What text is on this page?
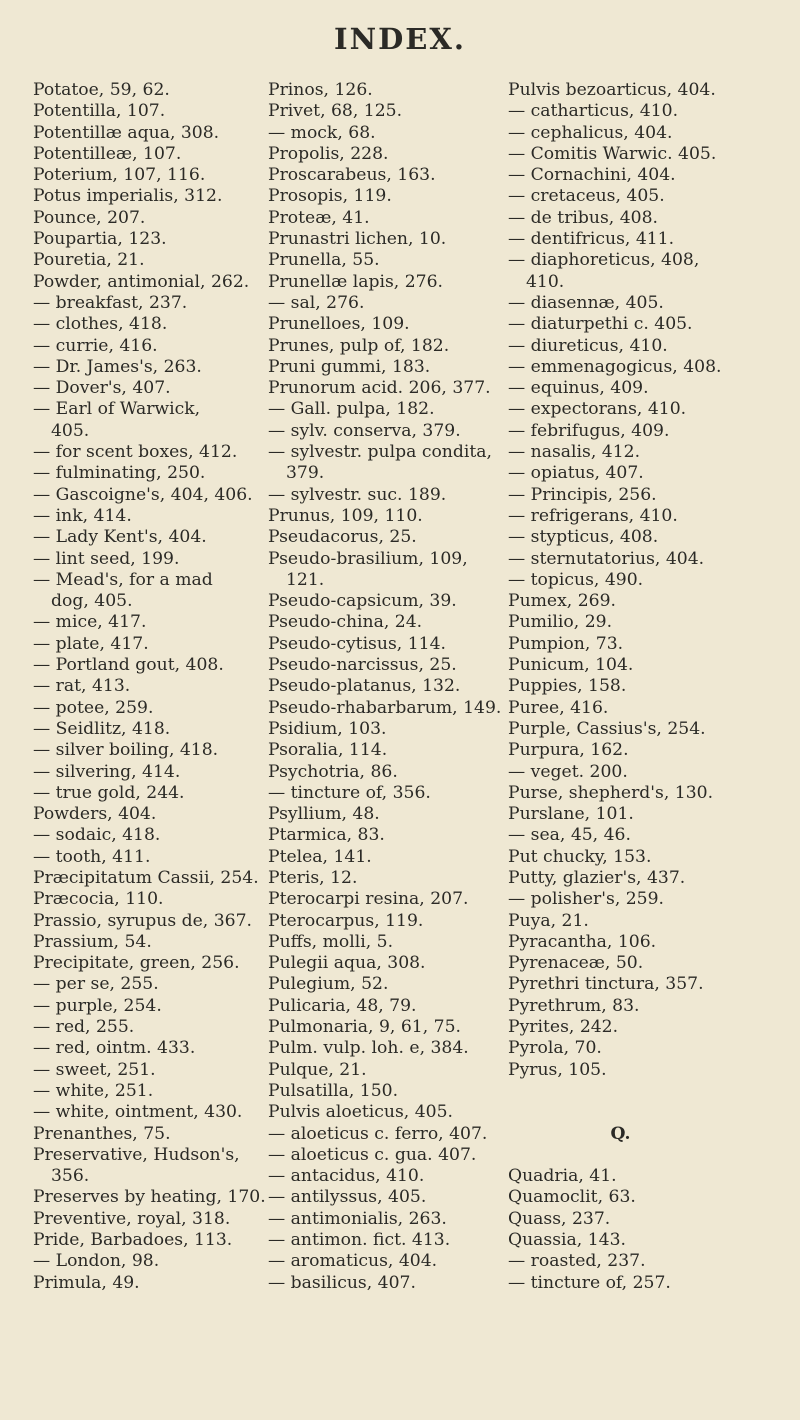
INDEX.
Potatoe, 59, 62.
Potentilla, 107.
Potentillæ aqua, 308.
Potentilleæ, 107.
Poterium, 107, 116.
Potus imperialis, 312.
Pounce, 207.
Poupartia, 123.
Pouretia, 21.
Powder, antimonial, 262.
— breakfast, 237.
— clothes, 418.
— currie, 416.
— Dr. James's, 263.
— Dover's, 407.
— Earl of Warwick,
405.
— for scent boxes, 412.
— fulminating, 250.
— Gascoigne's, 404, 406.
— ink, 414.
— Lady Kent's, 404.
— lint seed, 199.
— Mead's, for a mad
dog, 405.
— mice, 417.
— plate, 417.
— Portland gout, 408.
— rat, 413.
— potee, 259.
— Seidlitz, 418.
— silver boiling, 418.
— silvering, 414.
— true gold, 244.
Powders, 404.
— sodaic, 418.
— tooth, 411.
Præcipitatum Cassii, 254.
Præcocia, 110.
Prassio, syrupus de, 367.
Prassium, 54.
Precipitate, green, 256.
— per se, 255.
— purple, 254.
— red, 255.
— red, ointm. 433.
— sweet, 251.
— white, 251.
— white, ointment, 430.
Prenanthes, 75.
Preservative, Hudson's,
356.
Preserves by heating, 170.
Preventive, royal, 318.
Pride, Barbadoes, 113.
— London, 98.
Primula, 49.
Prinos, 126.
Privet, 68, 125.
— mock, 68.
Propolis, 228.
Proscarabeus, 163.
Prosopis, 119.
Proteæ, 41.
Prunastri lichen, 10.
Prunella, 55.
Prunellæ lapis, 276.
— sal, 276.
Prunelloes, 109.
Prunes, pulp of, 182.
Pruni gummi, 183.
Prunorum acid. 206, 377.
— Gall. pulpa, 182.
— sylv. conserva, 379.
— sylvestr. pulpa condita,
379.
— sylvestr. suc. 189.
Prunus, 109, 110.
Pseudacorus, 25.
Pseudo-brasilium, 109,
121.
Pseudo-capsicum, 39.
Pseudo-china, 24.
Pseudo-cytisus, 114.
Pseudo-narcissus, 25.
Pseudo-platanus, 132.
Pseudo-rhabarbarum, 149.
Psidium, 103.
Psoralia, 114.
Psychotria, 86.
— tincture of, 356.
Psyllium, 48.
Ptarmica, 83.
Ptelea, 141.
Pteris, 12.
Pterocarpi resina, 207.
Pterocarpus, 119.
Puffs, molli, 5.
Pulegii aqua, 308.
Pulegium, 52.
Pulicaria, 48, 79.
Pulmonaria, 9, 61, 75.
Pulm. vulp. loh. e, 384.
Pulque, 21.
Pulsatilla, 150.
Pulvis aloeticus, 405.
— aloeticus c. ferro, 407.
— aloeticus c. gua. 407.
— antacidus, 410.
— antilyssus, 405.
— antimonialis, 263.
— antimon. fict. 413.
— aromaticus, 404.
— basilicus, 407.
Pulvis bezoarticus, 404.
— catharticus, 410.
— cephalicus, 404.
— Comitis Warwic. 405.
— Cornachini, 404.
— cretaceus, 405.
— de tribus, 408.
— dentifricus, 411.
— diaphoreticus, 408,
410.
— diasennæ, 405.
— diaturpethi c. 405.
— diureticus, 410.
— emmenagogicus, 408.
— equinus, 409.
— expectorans, 410.
— febrifugus, 409.
— nasalis, 412.
— opiatus, 407.
— Principis, 256.
— refrigerans, 410.
— stypticus, 408.
— sternutatorius, 404.
— topicus, 490.
Pumex, 269.
Pumilio, 29.
Pumpion, 73.
Punicum, 104.
Puppies, 158.
Puree, 416.
Purple, Cassius's, 254.
Purpura, 162.
— veget. 200.
Purse, shepherd's, 130.
Purslane, 101.
— sea, 45, 46.
Put chucky, 153.
Putty, glazier's, 437.
— polisher's, 259.
Puya, 21.
Pyracantha, 106.
Pyrenaceæ, 50.
Pyrethri tinctura, 357.
Pyrethrum, 83.
Pyrites, 242.
Pyrola, 70.
Pyrus, 105.
Q.
Quadria, 41.
Quamoclit, 63.
Quass, 237.
Quassia, 143.
— roasted, 237.
— tincture of, 257.
